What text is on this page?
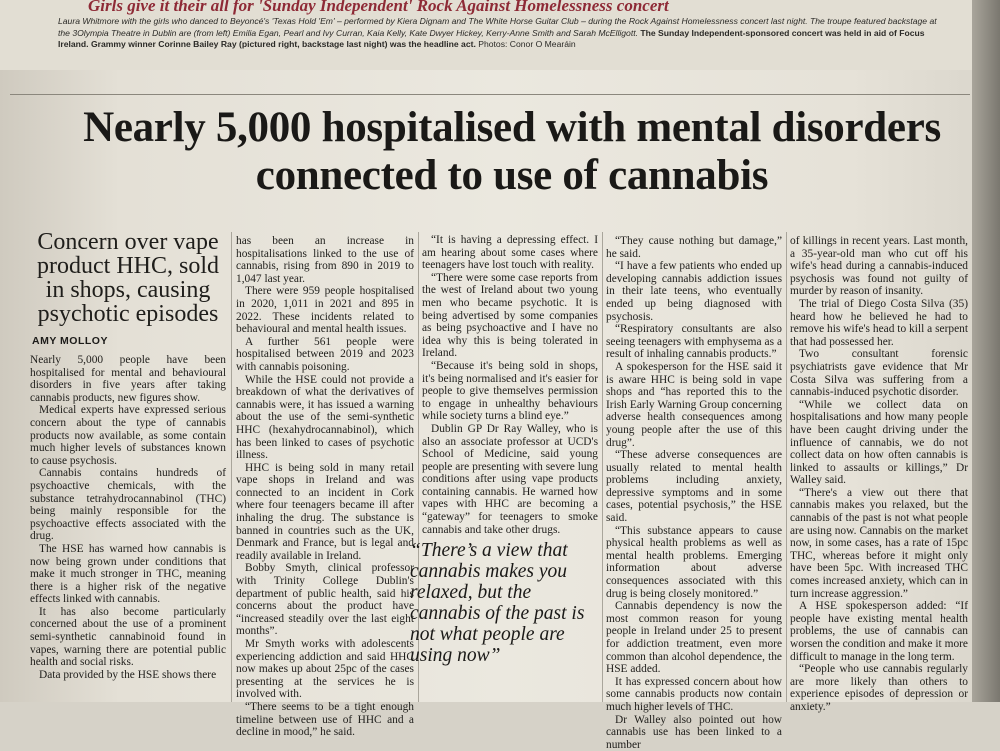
Girls give it their all for 'Sunday Independent' Rock Against Homelessness concert
Laura Whitmore with the girls who danced to Beyoncé's 'Texas Hold 'Em' – performed by Kiera Dignam and The White Horse Guitar Club – during the Rock Against Homelessness concert last night. The troupe featured backstage at the 3Olympia Theatre in Dublin are (from left) Emilia Egan, Pearl and Ivy Curran, Kaia Kelly, Kate Dwyer Hickey, Kerry-Anne Smith and Sarah McElligott. The Sunday Independent-sponsored concert was held in aid of Focus Ireland. Grammy winner Corinne Bailey Ray (pictured right, backstage last night) was the headline act. Photos: Conor O Mearáin
Nearly 5,000 hospitalised with mental disorders connected to use of cannabis
Concern over vape product HHC, sold in shops, causing psychotic episodes
AMY MOLLOY

Nearly 5,000 people have been hospitalised for mental and behavioural disorders in five years after taking cannabis products, new figures show.

Medical experts have expressed serious concern about the type of cannabis products now available, as some contain much higher levels of substances known to cause psychosis.

Cannabis contains hundreds of psychoactive chemicals, with the substance tetrahydrocannabinol (THC) being mainly responsible for the psychoactive effects associated with the drug.

The HSE has warned how cannabis is now being grown under conditions that make it much stronger in THC, meaning there is a higher risk of the negative effects linked with cannabis.

It has also become particularly concerned about the use of a prominent semi-synthetic cannabinoid found in vapes, warning there are potential public health and social risks.

Data provided by the HSE shows there

has been an increase in hospitalisations linked to the use of cannabis, rising from 890 in 2019 to 1,047 last year.

There were 959 people hospitalised in 2020, 1,011 in 2021 and 895 in 2022. These incidents related to behavioural and mental health issues.

A further 561 people were hospitalised between 2019 and 2023 with cannabis poisoning.

While the HSE could not provide a breakdown of what the derivatives of cannabis were, it has issued a warning about the use of the semi-synthetic HHC (hexahydrocannabinol), which has been linked to cases of psychotic illness.

HHC is being sold in many retail vape shops in Ireland and was connected to an incident in Cork where four teenagers became ill after inhaling the drug. The substance is banned in countries such as the UK, Denmark and France, but is legal and readily available in Ireland.

Bobby Smyth, clinical professor with Trinity College Dublin's department of public health, said his concerns about the product have “increased steadily over the last eight months”.

Mr Smyth works with adolescents experiencing addiction and said HHC now makes up about 25pc of the cases presenting at the services he is involved with.

“There seems to be a tight enough timeline between use of HHC and a decline in mood,” he said.

“It is having a depressing effect. I am hearing about some cases where teenagers have lost touch with reality.

“There were some case reports from the west of Ireland about two young men who became psychotic. It is being advertised by some companies as being psychoactive and I have no idea why this is being tolerated in Ireland.

“Because it's being sold in shops, it's being normalised and it's easier for people to give themselves permission to engage in unhealthy behaviours while society turns a blind eye.”

Dublin GP Dr Ray Walley, who is also an associate professor at UCD's School of Medicine, said young people are presenting with severe lung conditions after using vape products containing cannabis. He warned how vapes with HHC are becoming a “gateway” for teenagers to smoke cannabis and take other drugs.

“There’s a view that cannabis makes you relaxed, but the cannabis of the past is not what people are using now”

“They cause nothing but damage,” he said.

“I have a few patients who ended up developing cannabis addiction issues in their late teens, who eventually ended up being diagnosed with psychosis.

“Respiratory consultants are also seeing teenagers with emphysema as a result of inhaling cannabis products.”

A spokesperson for the HSE said it is aware HHC is being sold in vape shops and “has reported this to the Irish Early Warning Group concerning adverse health consequences among young people after the use of this drug”.

“These adverse consequences are usually related to mental health problems including anxiety, depressive symptoms and in some cases, potential psychosis,” the HSE said.

“This substance appears to cause physical health problems as well as mental health problems. Emerging information about adverse consequences associated with this drug is being closely monitored.”

Cannabis dependency is now the most common reason for young people in Ireland under 25 to present for addiction treatment, even more common than alcohol dependence, the HSE added.

It has expressed concern about how some cannabis products now contain much higher levels of THC.

Dr Walley also pointed out how cannabis use has been linked to a number

of killings in recent years. Last month, a 35-year-old man who cut off his wife's head during a cannabis-induced psychosis was found not guilty of murder by reason of insanity.

The trial of Diego Costa Silva (35) heard how he believed he had to remove his wife's head to kill a serpent that had possessed her.

Two consultant forensic psychiatrists gave evidence that Mr Costa Silva was suffering from a cannabis-induced psychotic disorder.

“While we collect data on hospitalisations and how many people have been caught driving under the influence of cannabis, we do not collect data on how often cannabis is linked to assaults or killings,” Dr Walley said.

“There's a view out there that cannabis makes you relaxed, but the cannabis of the past is not what people are using now. Cannabis on the market now, in some cases, has a rate of 15pc THC, whereas before it might only have been 5pc. With increased THC comes increased anxiety, which can in turn increase aggression.”

A HSE spokesperson added: “If people have existing mental health problems, the use of cannabis can worsen the condition and make it more difficult to manage in the long term.

“People who use cannabis regularly are more likely than others to experience episodes of depression or anxiety.”
